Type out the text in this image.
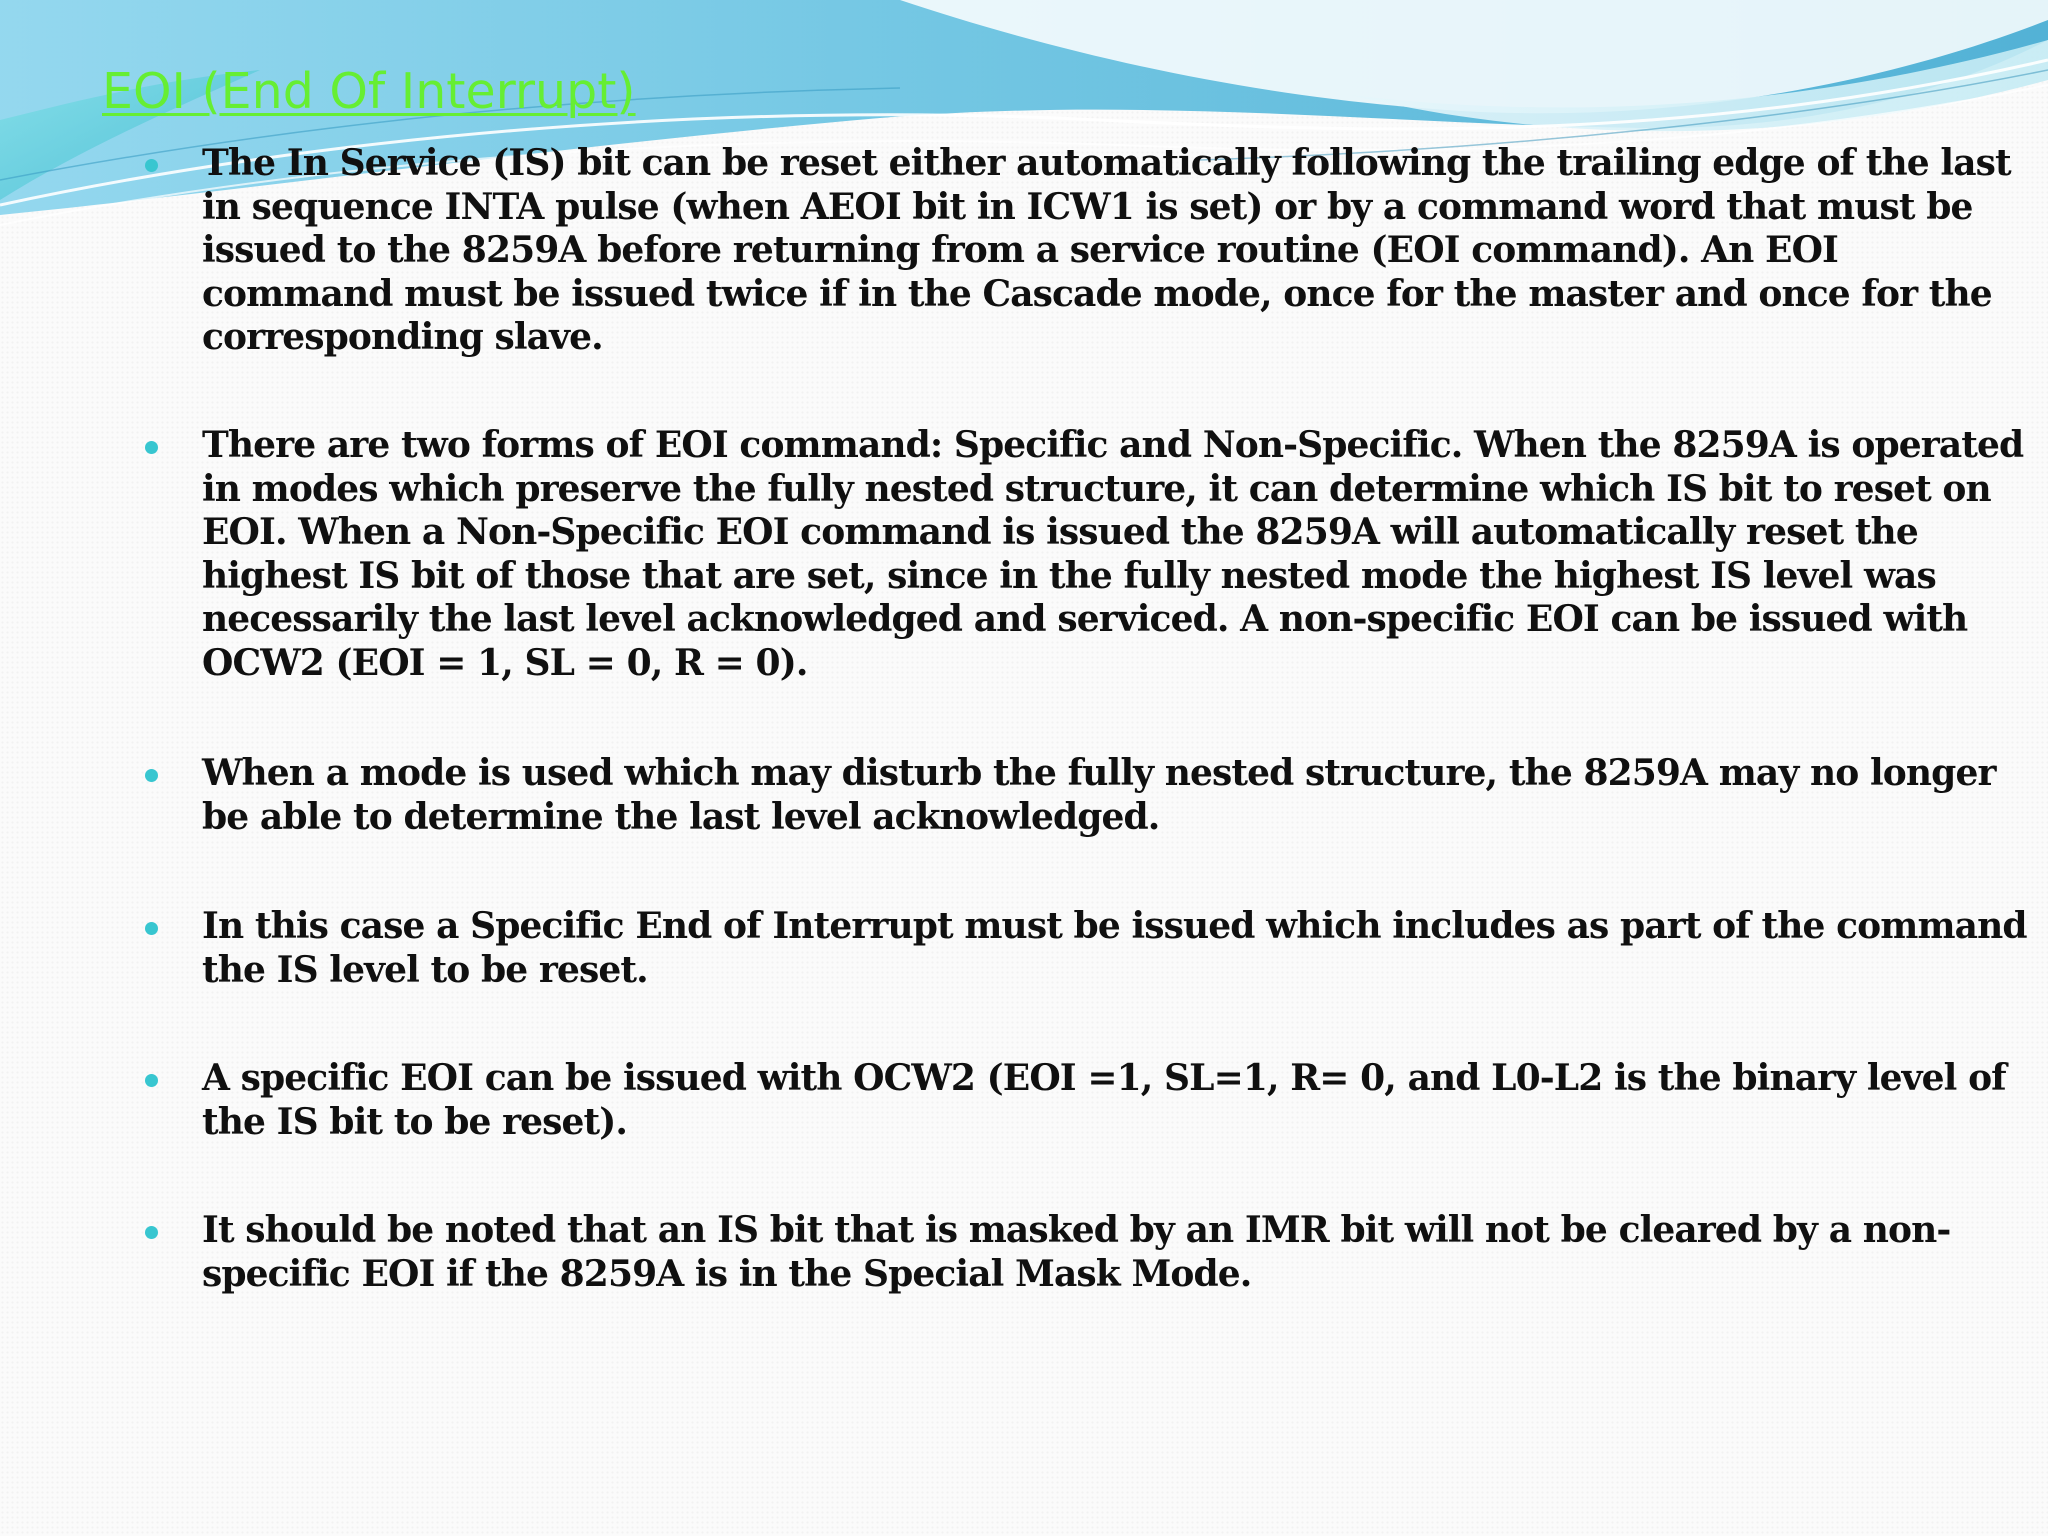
EOI (End Of Interrupt)
The In Service (IS) bit can be reset either automatically following the trailing edge of the last in sequence INTA pulse (when AEOI bit in ICW1 is set) or by a command word that must be issued to the 8259A before returning from a service routine (EOI command). An EOI command must be issued twice if in the Cascade mode, once for the master and once for the corresponding slave.
There are two forms of EOI command: Specific and Non-Specific. When the 8259A is operated in modes which preserve the fully nested structure, it can determine which IS bit to reset on EOI. When a Non-Specific EOI command is issued the 8259A will automatically reset the highest IS bit of those that are set, since in the fully nested mode the highest IS level was necessarily the last level acknowledged and serviced. A non-specific EOI can be issued with OCW2 (EOI = 1, SL = 0, R = 0).
When a mode is used which may disturb the fully nested structure, the 8259A may no longer be able to determine the last level acknowledged.
In this case a Specific End of Interrupt must be issued which includes as part of the command the IS level to be reset.
A specific EOI can be issued with OCW2 (EOI =1, SL=1, R= 0, and L0-L2 is the binary level of the IS bit to be reset).
It should be noted that an IS bit that is masked by an IMR bit will not be cleared by a non-specific EOI if the 8259A is in the Special Mask Mode.
